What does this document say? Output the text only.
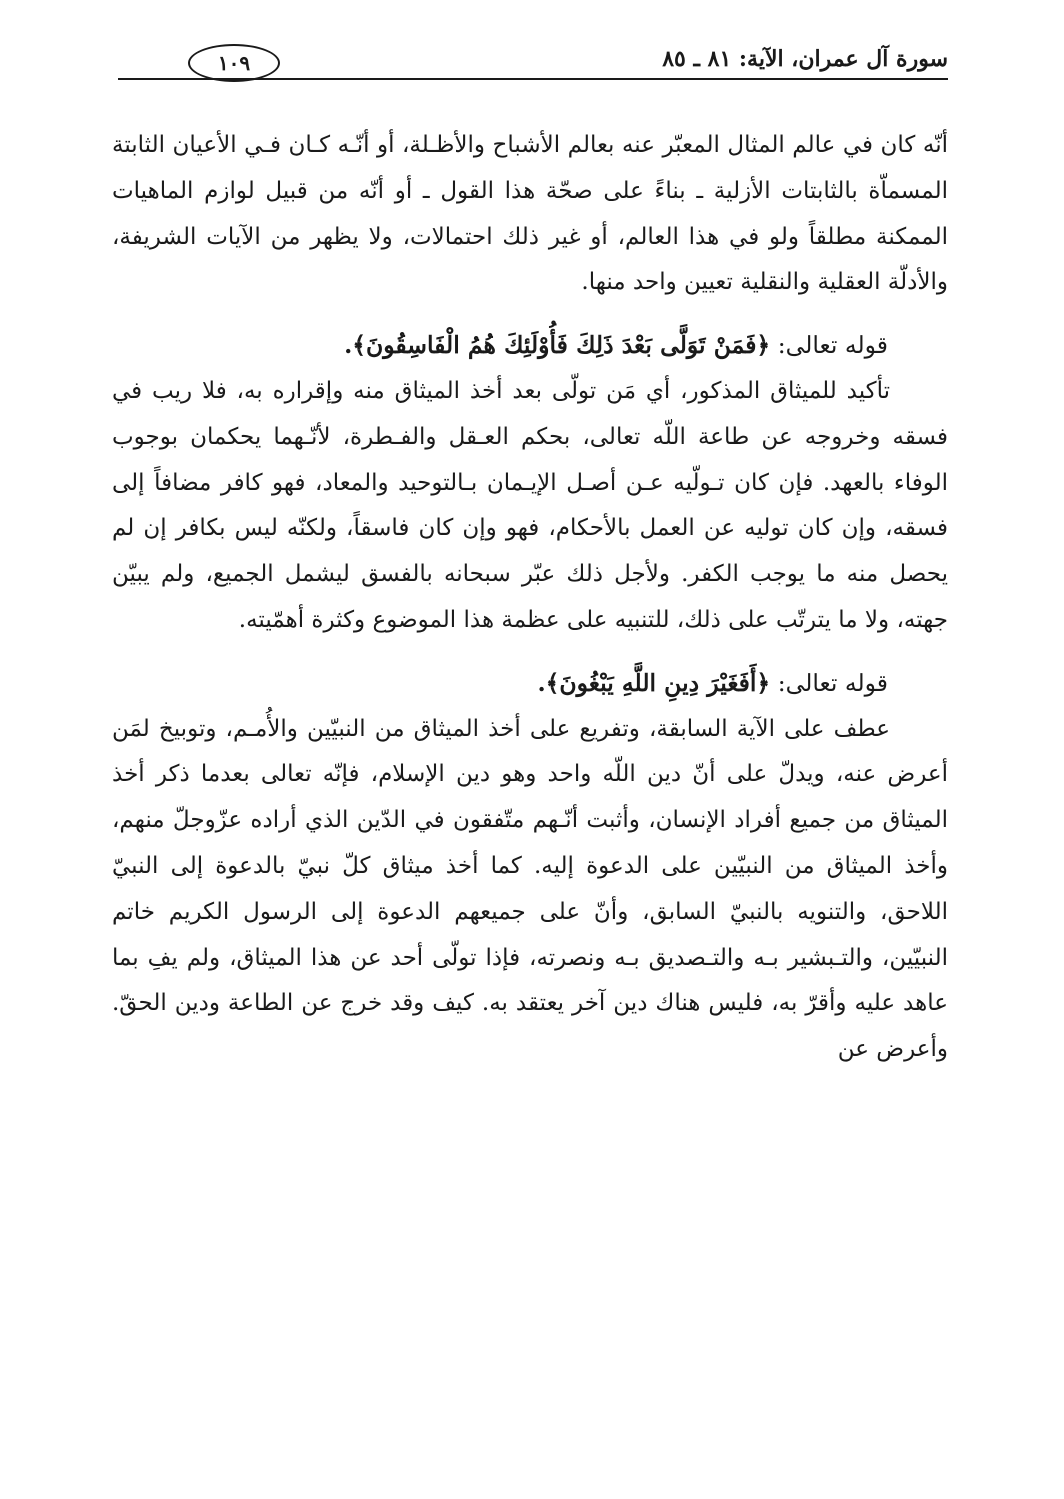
سورة آل عمران، الآية: ٨١ ـ ٨٥
١٠٩

أنّه كان في عالم المثال المعبّر عنه بعالم الأشباح والأظـلة، أو أنّـه كـان فـي الأعيان الثابتة المسماّة بالثابتات الأزلية ـ بناءً على صحّة هذا القول ـ أو أنّه من قبيل لوازم الماهيات الممكنة مطلقاً ولو في هذا العالم، أو غير ذلك احتمالات، ولا يظهر من الآيات الشريفة، والأدلّة العقلية والنقلية تعيين واحد منها.

قوله تعالى: ﴿فَمَنْ تَوَلَّى بَعْدَ ذَلِكَ فَأُوْلَئِكَ هُمُ الْفَاسِقُونَ﴾.

تأكيد للميثاق المذكور، أي مَن تولّى بعد أخذ الميثاق منه وإقراره به، فلا ريب في فسقه وخروجه عن طاعة اللّه تعالى، بحكم العـقل والفـطرة، لأنّـهما يحكمان بوجوب الوفاء بالعهد. فإن كان تـولّيه عـن أصـل الإيـمان بـالتوحيد والمعاد، فهو كافر مضافاً إلى فسقه، وإن كان توليه عن العمل بالأحكام، فهو وإن كان فاسقاً، ولكنّه ليس بكافر إن لم يحصل منه ما يوجب الكفر. ولأجل ذلك عبّر سبحانه بالفسق ليشمل الجميع، ولم يبيّن جهته، ولا ما يترتّب على ذلك، للتنبيه على عظمة هذا الموضوع وكثرة أهمّيته.

قوله تعالى: ﴿أَفَغَيْرَ دِينِ اللَّهِ يَبْغُونَ﴾.

عطف على الآية السابقة، وتفريع على أخذ الميثاق من النبيّين والأُمـم، وتوبيخ لمَن أعرض عنه، ويدلّ على أنّ دين اللّه واحد وهو دين الإسلام، فإنّه تعالى بعدما ذكر أخذ الميثاق من جميع أفراد الإنسان، وأثبت أنّـهم متّفقون في الدّين الذي أراده عزّوجلّ منهم، وأخذ الميثاق من النبيّين على الدعوة إليه. كما أخذ ميثاق كلّ نبيّ بالدعوة إلى النبيّ اللاحق، والتنويه بالنبيّ السابق، وأنّ على جميعهم الدعوة إلى الرسول الكريم خاتم النبيّين، والتـبشير بـه والتـصديق بـه ونصرته، فإذا تولّى أحد عن هذا الميثاق، ولم يفِ بما عاهد عليه وأقرّ به، فليس هناك دين آخر يعتقد به. كيف وقد خرج عن الطاعة ودين الحقّ. وأعرض عن
